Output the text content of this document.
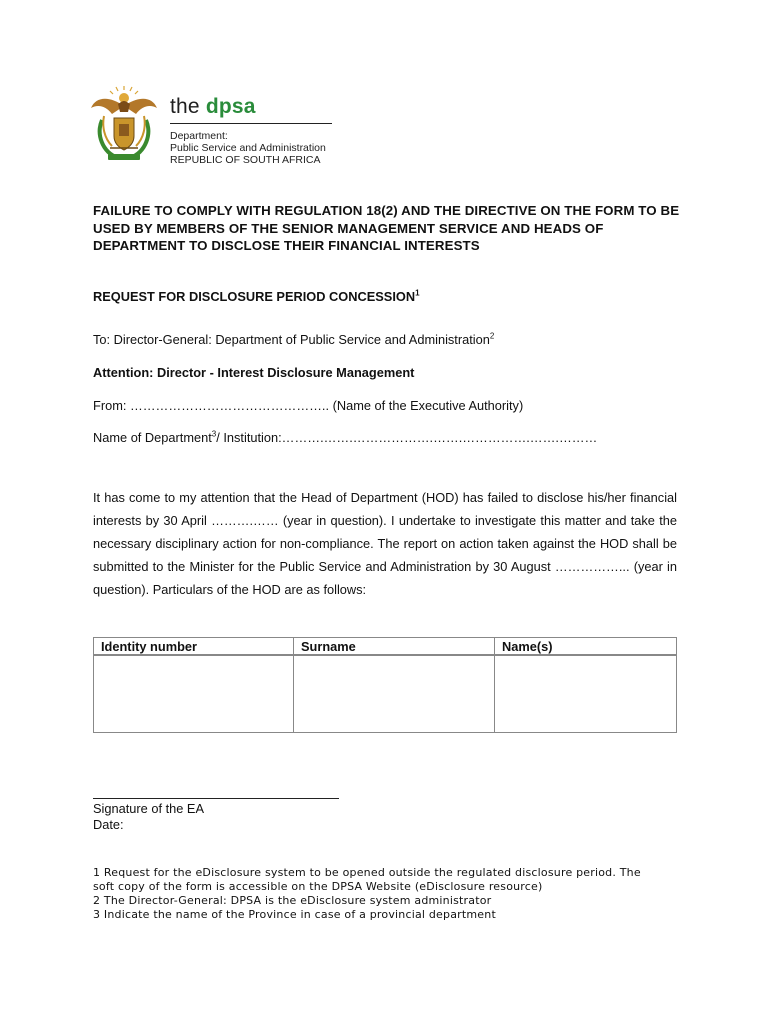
the dpsa
Department:
Public Service and Administration
REPUBLIC OF SOUTH AFRICA
FAILURE TO COMPLY WITH REGULATION 18(2) AND THE DIRECTIVE ON THE FORM TO BE USED BY MEMBERS OF THE SENIOR MANAGEMENT SERVICE AND HEADS OF DEPARTMENT TO DISCLOSE THEIR FINANCIAL INTERESTS
REQUEST FOR DISCLOSURE PERIOD CONCESSION$^1$
To: Director-General: Department of Public Service and Administration$^2$
Attention: Director - Interest Disclosure Management
From: ……………………………………….. (Name of the Executive Authority)
Name of Department$^3$/ Institution:……….…….……………….…….…………….…….………
It has come to my attention that the Head of Department (HOD) has failed to disclose his/her financial interests by 30 April ……….…… (year in question). I undertake to investigate this matter and take the necessary disciplinary action for non-compliance. The report on action taken against the HOD shall be submitted to the Minister for the Public Service and Administration by 30 August ……………... (year in question). Particulars of the HOD are as follows:
Identity number	Surname	Name(s)

Signature of the EA
Date:
1 Request for the eDisclosure system to be opened outside the regulated disclosure period. The soft copy of the form is accessible on the DPSA Website (eDisclosure resource)
2 The Director-General: DPSA is the eDisclosure system administrator
3 Indicate the name of the Province in case of a provincial department
